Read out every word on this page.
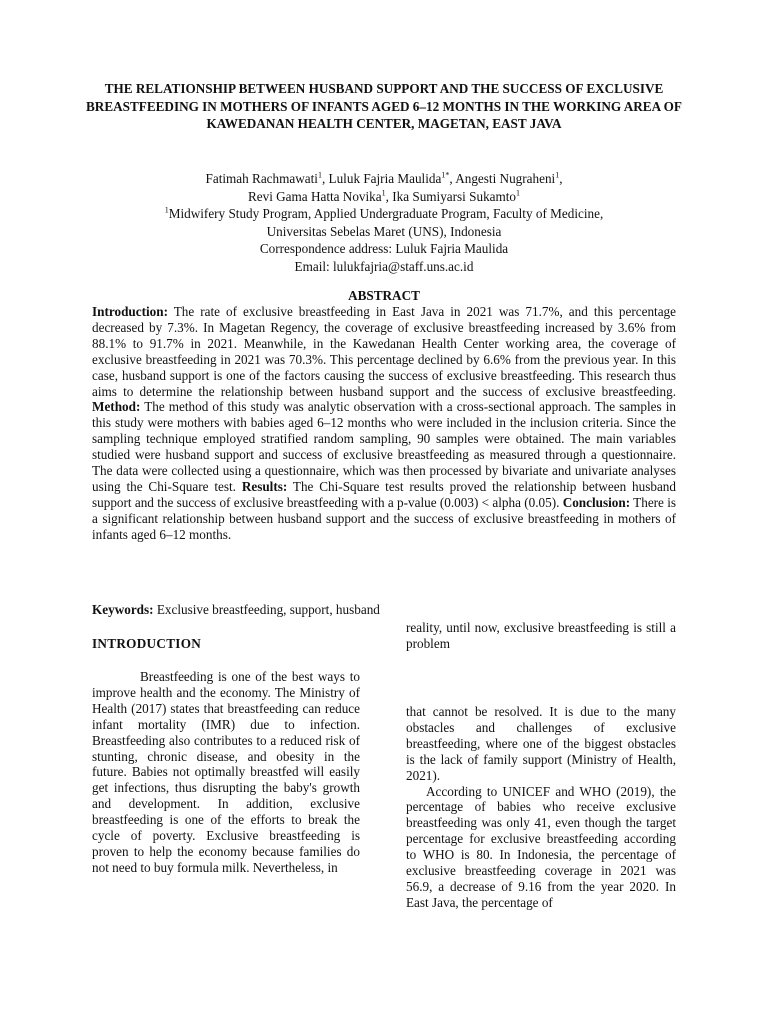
THE RELATIONSHIP BETWEEN HUSBAND SUPPORT AND THE SUCCESS OF EXCLUSIVE BREASTFEEDING IN MOTHERS OF INFANTS AGED 6–12 MONTHS IN THE WORKING AREA OF KAWEDANAN HEALTH CENTER, MAGETAN, EAST JAVA
Fatimah Rachmawati$^1$, Luluk Fajria Maulida$^{1*}$, Angesti Nugraheni$^1$,
Revi Gama Hatta Novika$^1$, Ika Sumiyarsi Sukamto$^1$
$^1$Midwifery Study Program, Applied Undergraduate Program, Faculty of Medicine,
Universitas Sebelas Maret (UNS), Indonesia
Correspondence address: Luluk Fajria Maulida
Email: lulukfajria@staff.uns.ac.id
ABSTRACT

Introduction: The rate of exclusive breastfeeding in East Java in 2021 was 71.7%, and this percentage decreased by 7.3%. In Magetan Regency, the coverage of exclusive breastfeeding increased by 3.6% from 88.1% to 91.7% in 2021. Meanwhile, in the Kawedanan Health Center working area, the coverage of exclusive breastfeeding in 2021 was 70.3%. This percentage declined by 6.6% from the previous year. In this case, husband support is one of the factors causing the success of exclusive breastfeeding. This research thus aims to determine the relationship between husband support and the success of exclusive breastfeeding. Method: The method of this study was analytic observation with a cross-sectional approach. The samples in this study were mothers with babies aged 6–12 months who were included in the inclusion criteria. Since the sampling technique employed stratified random sampling, 90 samples were obtained. The main variables studied were husband support and success of exclusive breastfeeding as measured through a questionnaire. The data were collected using a questionnaire, which was then processed by bivariate and univariate analyses using the Chi-Square test. Results: The Chi-Square test results proved the relationship between husband support and the success of exclusive breastfeeding with a p-value (0.003) < alpha (0.05). Conclusion: There is a significant relationship between husband support and the success of exclusive breastfeeding in mothers of infants aged 6–12 months.

Keywords: Exclusive breastfeeding, support, husband

INTRODUCTION

Breastfeeding is one of the best ways to improve health and the economy. The Ministry of Health (2017) states that breastfeeding can reduce infant mortality (IMR) due to infection. Breastfeeding also contributes to a reduced risk of stunting, chronic disease, and obesity in the future. Babies not optimally breastfed will easily get infections, thus disrupting the baby's growth and development. In addition, exclusive breastfeeding is one of the efforts to break the cycle of poverty. Exclusive breastfeeding is proven to help the economy because families do not need to buy formula milk. Nevertheless, in

reality, until now, exclusive breastfeeding is still a problem

that cannot be resolved. It is due to the many obstacles and challenges of exclusive breastfeeding, where one of the biggest obstacles is the lack of family support (Ministry of Health, 2021).

According to UNICEF and WHO (2019), the percentage of babies who receive exclusive breastfeeding was only 41, even though the target percentage for exclusive breastfeeding according to WHO is 80. In Indonesia, the percentage of exclusive breastfeeding coverage in 2021 was 56.9, a decrease of 9.16 from the year 2020. In East Java, the percentage of
